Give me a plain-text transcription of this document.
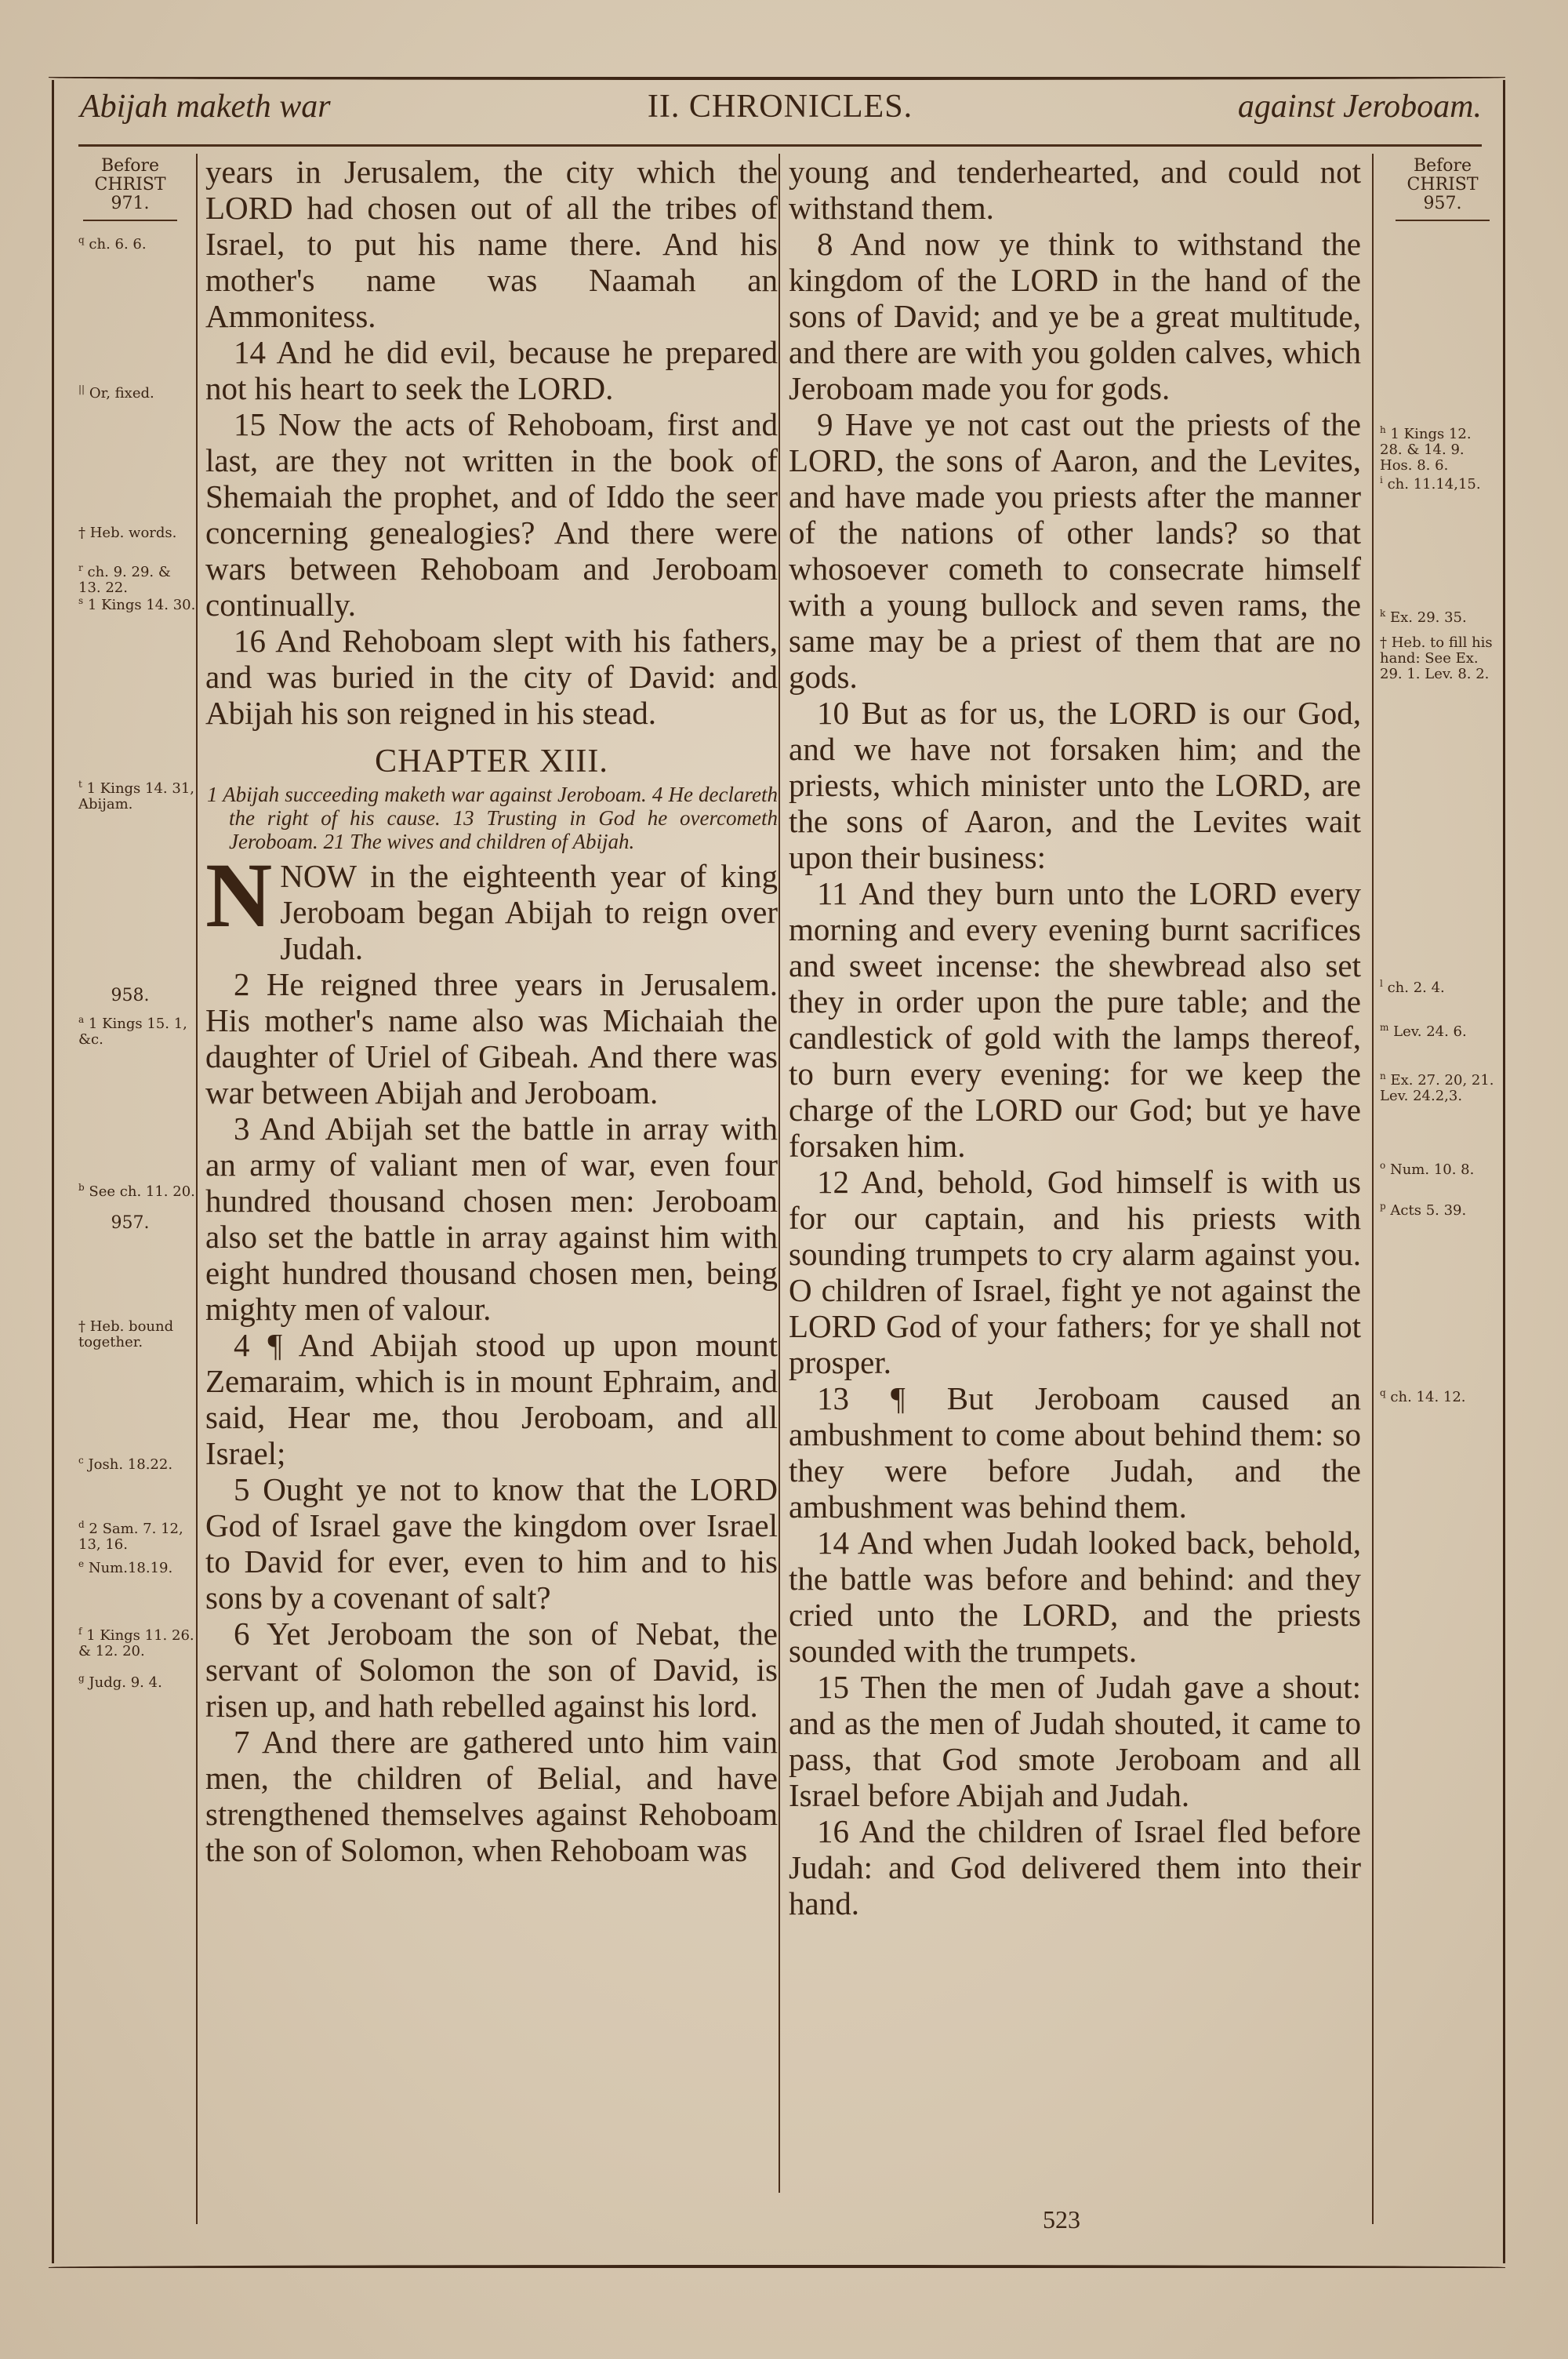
Abijah maketh war	II. CHRONICLES.	against Jeroboam.
Before
CHRIST
971.
$^q$ ch. 6. 6.
|| Or, fixed.
† Heb. words.
$^r$ ch. 9. 29. & 13. 22.
$^s$ 1 Kings 14. 30.
$^t$ 1 Kings 14. 31, Abijam.
958.
$^a$ 1 Kings 15. 1, &c.
$^b$ See ch. 11. 20.
957.
† Heb. bound together.
$^c$ Josh. 18.22.
$^d$ 2 Sam. 7. 12, 13, 16.
$^e$ Num.18.19.
$^f$ 1 Kings 11. 26. & 12. 20.
$^g$ Judg. 9. 4.

years in Jerusalem, the city which the LORD had chosen out of all the tribes of Israel, to put his name there. And his mother's name was Naamah an Ammonitess.

14 And he did evil, because he prepared not his heart to seek the LORD.

15 Now the acts of Rehoboam, first and last, are they not written in the book of Shemaiah the prophet, and of Iddo the seer concerning genealogies? And there were wars between Rehoboam and Jeroboam continually.

16 And Rehoboam slept with his fathers, and was buried in the city of David: and Abijah his son reigned in his stead.

CHAPTER XIII.
1 Abijah succeeding maketh war against Jeroboam. 4 He declareth the right of his cause. 13 Trusting in God he overcometh Jeroboam. 21 The wives and children of Abijah.
N NOW in the eighteenth year of king Jeroboam began Abijah to reign over Judah.

2 He reigned three years in Jerusalem. His mother's name also was Michaiah the daughter of Uriel of Gibeah. And there was war between Abijah and Jeroboam.

3 And Abijah set the battle in array with an army of valiant men of war, even four hundred thousand chosen men: Jeroboam also set the battle in array against him with eight hundred thousand chosen men, being mighty men of valour.

4 ¶ And Abijah stood up upon mount Zemaraim, which is in mount Ephraim, and said, Hear me, thou Jeroboam, and all Israel;

5 Ought ye not to know that the LORD God of Israel gave the kingdom over Israel to David for ever, even to him and to his sons by a covenant of salt?

6 Yet Jeroboam the son of Nebat, the servant of Solomon the son of David, is risen up, and hath rebelled against his lord.

7 And there are gathered unto him vain men, the children of Belial, and have strengthened themselves against Rehoboam the son of Solomon, when Rehoboam was

young and tenderhearted, and could not withstand them.

8 And now ye think to withstand the kingdom of the LORD in the hand of the sons of David; and ye be a great multitude, and there are with you golden calves, which Jeroboam made you for gods.

9 Have ye not cast out the priests of the LORD, the sons of Aaron, and the Levites, and have made you priests after the manner of the nations of other lands? so that whosoever cometh to consecrate himself with a young bullock and seven rams, the same may be a priest of them that are no gods.

10 But as for us, the LORD is our God, and we have not forsaken him; and the priests, which minister unto the LORD, are the sons of Aaron, and the Levites wait upon their business:

11 And they burn unto the LORD every morning and every evening burnt sacrifices and sweet incense: the shewbread also set they in order upon the pure table; and the candlestick of gold with the lamps thereof, to burn every evening: for we keep the charge of the LORD our God; but ye have forsaken him.

12 And, behold, God himself is with us for our captain, and his priests with sounding trumpets to cry alarm against you. O children of Israel, fight ye not against the LORD God of your fathers; for ye shall not prosper.

13 ¶ But Jeroboam caused an ambushment to come about behind them: so they were before Judah, and the ambushment was behind them.

14 And when Judah looked back, behold, the battle was before and behind: and they cried unto the LORD, and the priests sounded with the trumpets.

15 Then the men of Judah gave a shout: and as the men of Judah shouted, it came to pass, that God smote Jeroboam and all Israel before Abijah and Judah.

16 And the children of Israel fled before Judah: and God delivered them into their hand.

Before
CHRIST
957.
$^h$ 1 Kings 12. 28. & 14. 9. Hos. 8. 6.
$^i$ ch. 11.14,15.
$^k$ Ex. 29. 35.
† Heb. to fill his hand: See Ex. 29. 1. Lev. 8. 2.
$^l$ ch. 2. 4.
$^m$ Lev. 24. 6.
$^n$ Ex. 27. 20, 21. Lev. 24.2,3.
$^o$ Num. 10. 8.
$^p$ Acts 5. 39.
$^q$ ch. 14. 12.
523
